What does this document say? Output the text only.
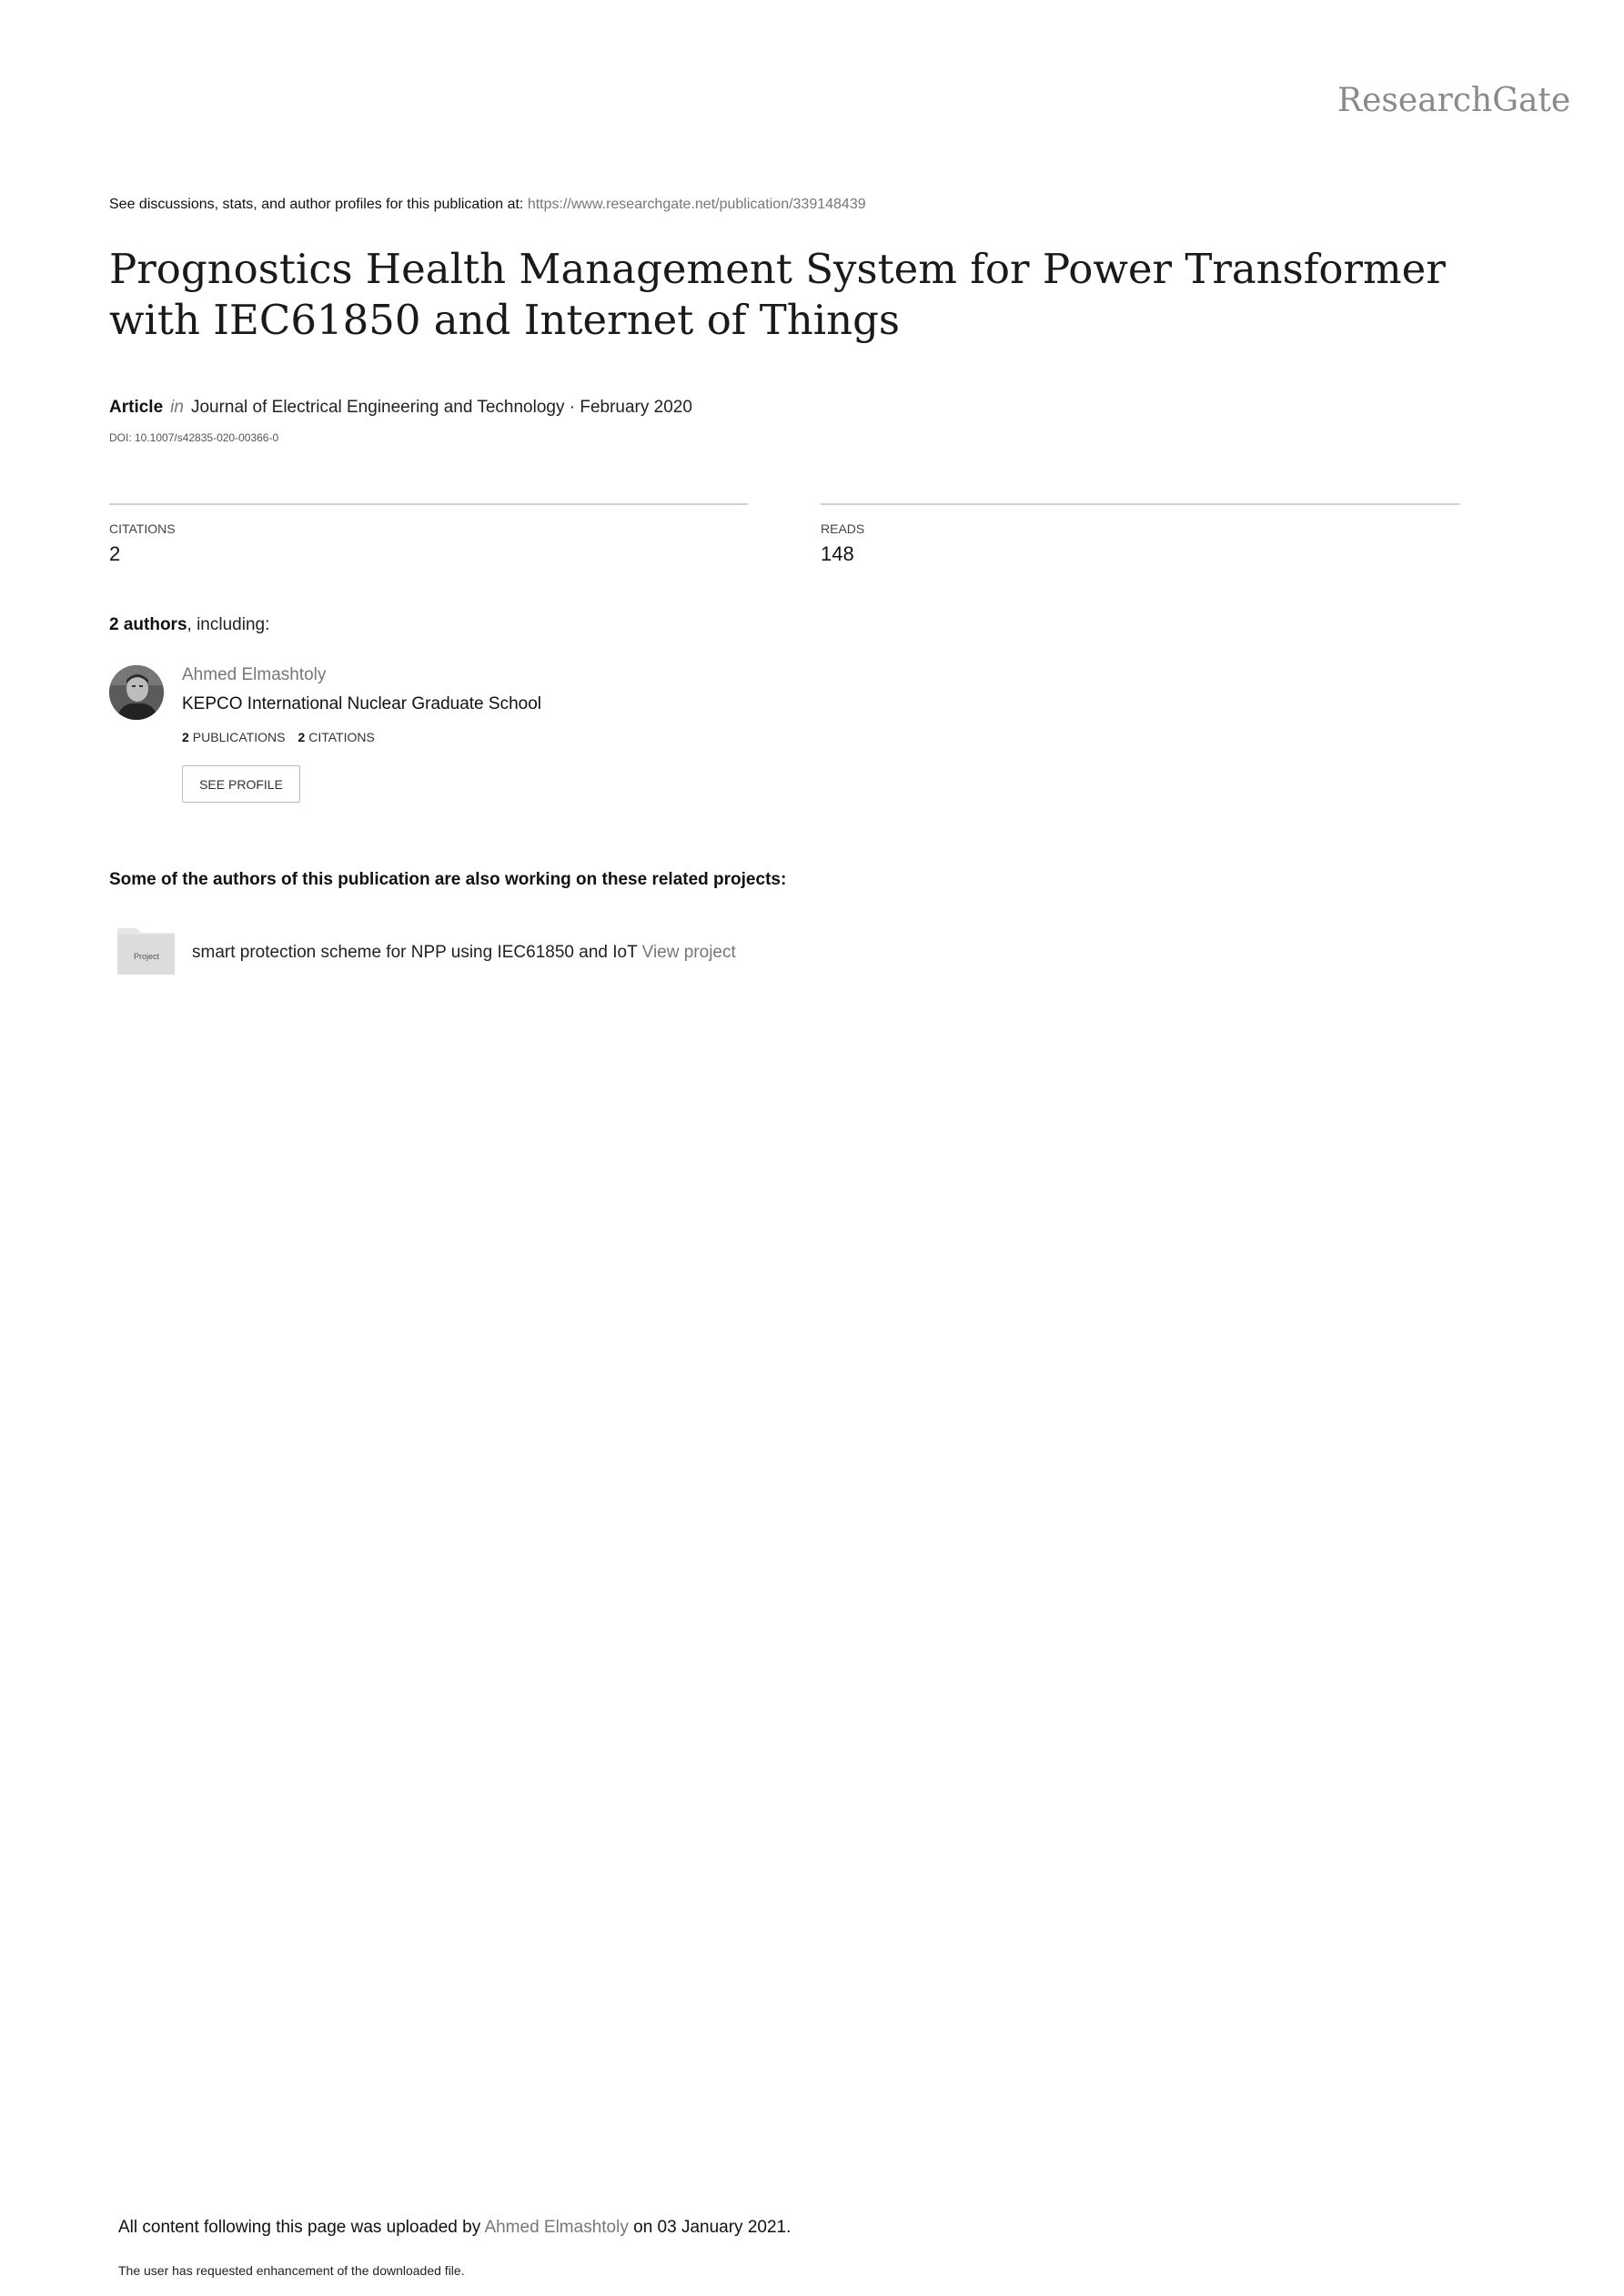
ResearchGate
See discussions, stats, and author profiles for this publication at: https://www.researchgate.net/publication/339148439
Prognostics Health Management System for Power Transformer with IEC61850 and Internet of Things
Article in Journal of Electrical Engineering and Technology · February 2020
DOI: 10.1007/s42835-020-00366-0
CITATIONS
2
READS
148
2 authors, including:
Ahmed Elmashtoly
KEPCO International Nuclear Graduate School
2 PUBLICATIONS 2 CITATIONS
SEE PROFILE
Some of the authors of this publication are also working on these related projects:
Project smart protection scheme for NPP using IEC61850 and IoT View project
All content following this page was uploaded by Ahmed Elmashtoly on 03 January 2021.
The user has requested enhancement of the downloaded file.
